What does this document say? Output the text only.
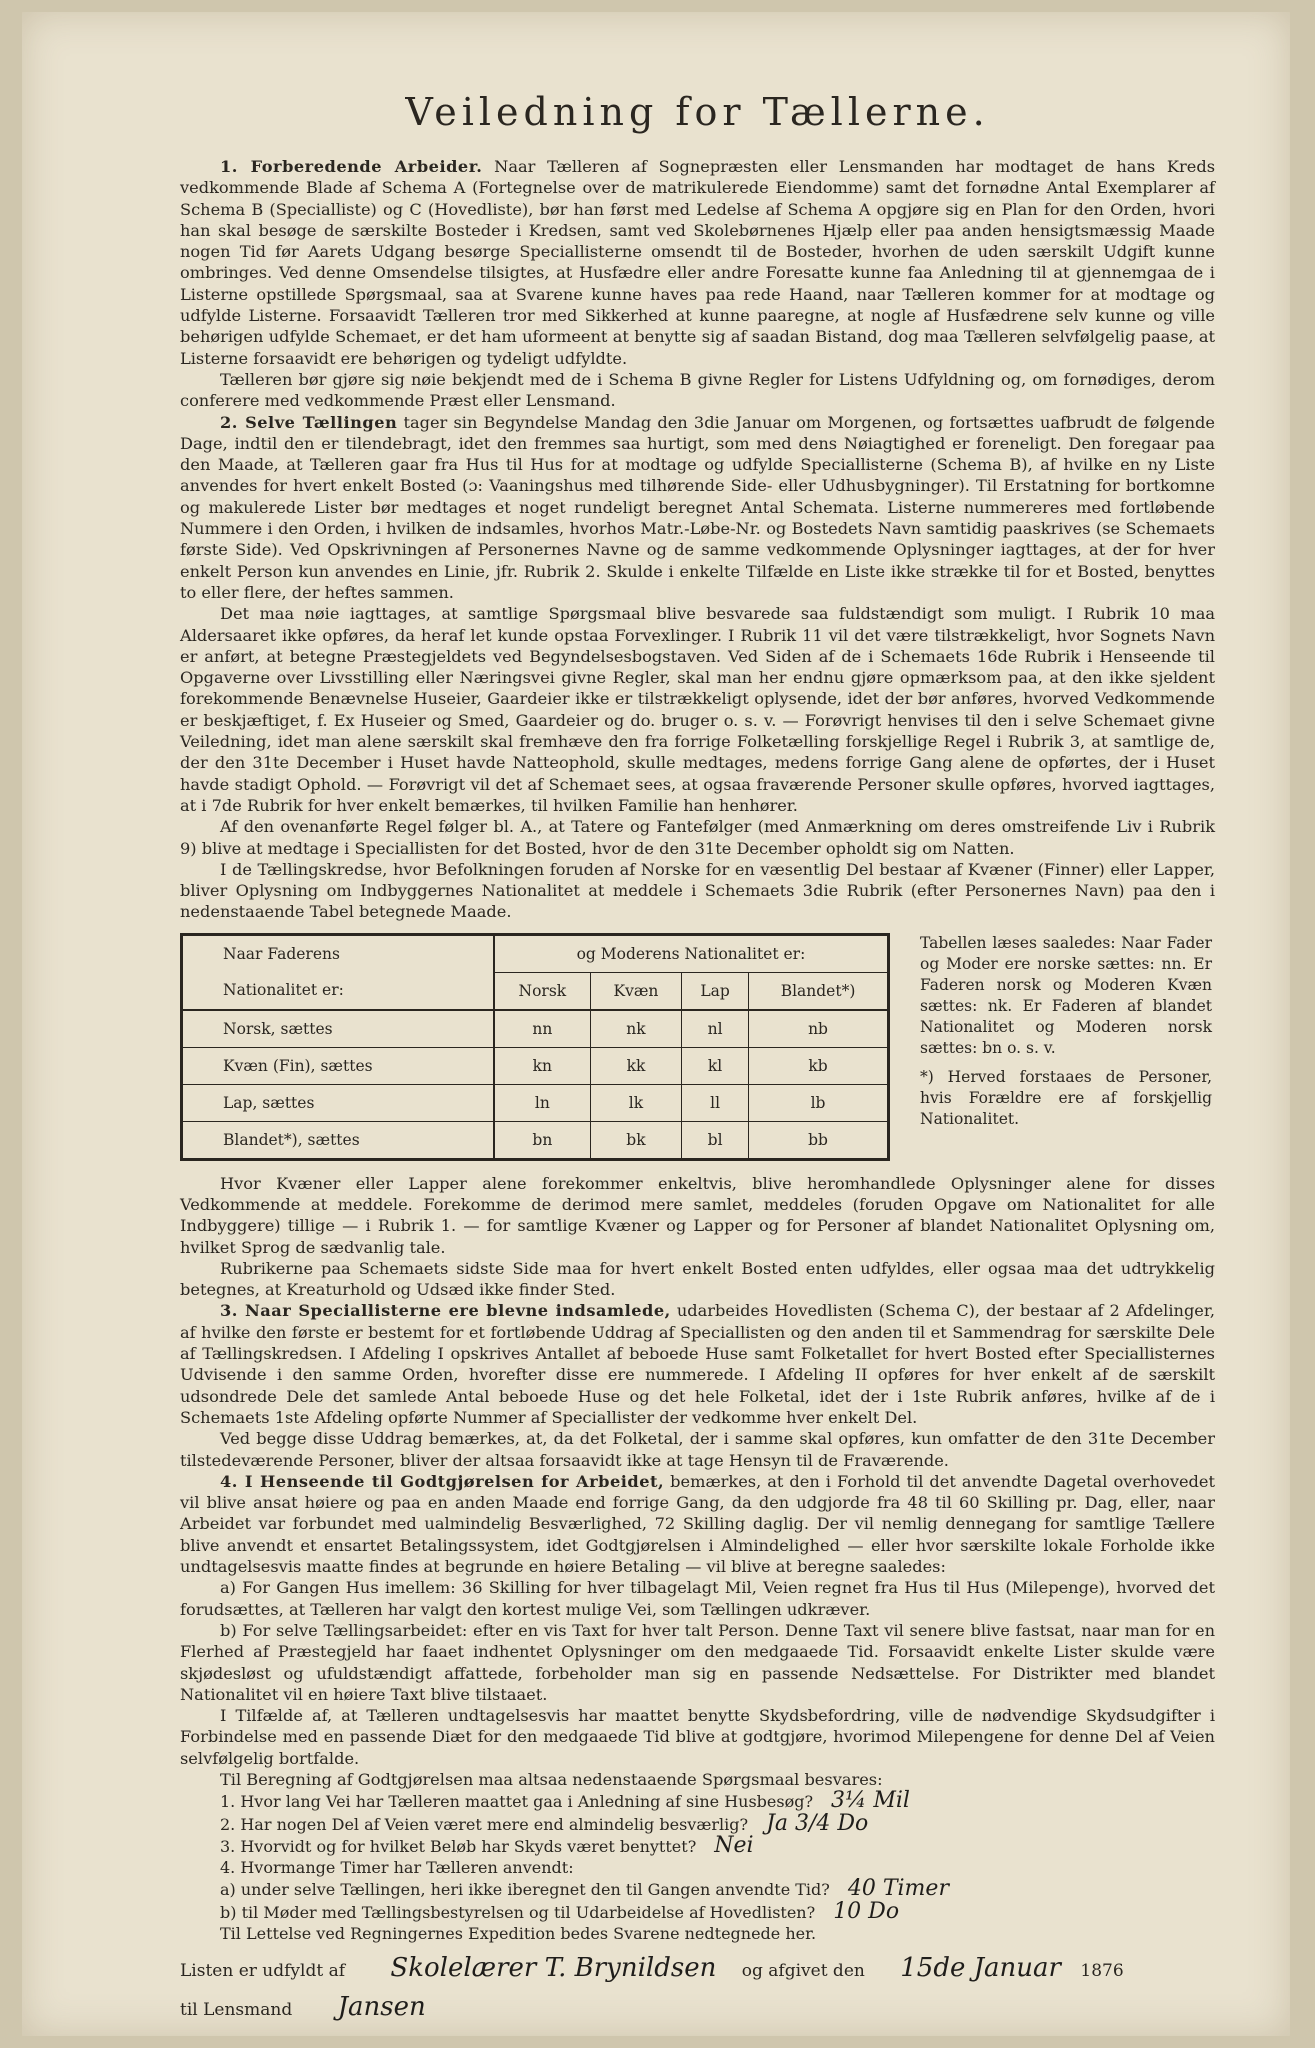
Veiledning for Tællerne.

1. Forberedende Arbeider. Naar Tælleren af Sognepræsten eller Lensmanden har modtaget de hans Kreds vedkommende Blade af Schema A (Fortegnelse over de matrikulerede Eiendomme) samt det fornødne Antal Exemplarer af Schema B (Specialliste) og C (Hovedliste), bør han først med Ledelse af Schema A opgjøre sig en Plan for den Orden, hvori han skal besøge de særskilte Bosteder i Kredsen, samt ved Skolebørnenes Hjælp eller paa anden hensigtsmæssig Maade nogen Tid før Aarets Udgang besørge Speciallisterne omsendt til de Bosteder, hvorhen de uden særskilt Udgift kunne ombringes. Ved denne Omsendelse tilsigtes, at Husfædre eller andre Foresatte kunne faa Anledning til at gjennemgaa de i Listerne opstillede Spørgsmaal, saa at Svarene kunne haves paa rede Haand, naar Tælleren kommer for at modtage og udfylde Listerne. Forsaavidt Tælleren tror med Sikkerhed at kunne paaregne, at nogle af Husfædrene selv kunne og ville behørigen udfylde Schemaet, er det ham uformeent at benytte sig af saadan Bistand, dog maa Tælleren selvfølgelig paase, at Listerne forsaavidt ere behørigen og tydeligt udfyldte.

Tælleren bør gjøre sig nøie bekjendt med de i Schema B givne Regler for Listens Udfyldning og, om fornødiges, derom conferere med vedkommende Præst eller Lensmand.

2. Selve Tællingen tager sin Begyndelse Mandag den 3die Januar om Morgenen, og fortsættes uafbrudt de følgende Dage, indtil den er tilendebragt, idet den fremmes saa hurtigt, som med dens Nøiagtighed er foreneligt. Den foregaar paa den Maade, at Tælleren gaar fra Hus til Hus for at modtage og udfylde Speciallisterne (Schema B), af hvilke en ny Liste anvendes for hvert enkelt Bosted (ɔ: Vaaningshus med tilhørende Side- eller Udhusbygninger). Til Erstatning for bortkomne og makulerede Lister bør medtages et noget rundeligt beregnet Antal Schemata. Listerne nummereres med fortløbende Nummere i den Orden, i hvilken de indsamles, hvorhos Matr.-Løbe-Nr. og Bostedets Navn samtidig paaskrives (se Schemaets første Side). Ved Opskrivningen af Personernes Navne og de samme vedkommende Oplysninger iagttages, at der for hver enkelt Person kun anvendes en Linie, jfr. Rubrik 2. Skulde i enkelte Tilfælde en Liste ikke strække til for et Bosted, benyttes to eller flere, der heftes sammen.

Det maa nøie iagttages, at samtlige Spørgsmaal blive besvarede saa fuldstændigt som muligt. I Rubrik 10 maa Aldersaaret ikke opføres, da heraf let kunde opstaa Forvexlinger. I Rubrik 11 vil det være tilstrækkeligt, hvor Sognets Navn er anført, at betegne Præstegjeldets ved Begyndelsesbogstaven. Ved Siden af de i Schemaets 16de Rubrik i Henseende til Opgaverne over Livsstilling eller Næringsvei givne Regler, skal man her endnu gjøre opmærksom paa, at den ikke sjeldent forekommende Benævnelse Huseier, Gaardeier ikke er tilstrækkeligt oplysende, idet der bør anføres, hvorved Vedkommende er beskjæftiget, f. Ex Huseier og Smed, Gaardeier og do. bruger o. s. v. — Forøvrigt henvises til den i selve Schemaet givne Veiledning, idet man alene særskilt skal fremhæve den fra forrige Folketælling forskjellige Regel i Rubrik 3, at samtlige de, der den 31te December i Huset havde Natteophold, skulle medtages, medens forrige Gang alene de opførtes, der i Huset havde stadigt Ophold. — Forøvrigt vil det af Schemaet sees, at ogsaa fraværende Personer skulle opføres, hvorved iagttages, at i 7de Rubrik for hver enkelt bemærkes, til hvilken Familie han henhører.

Af den ovenanførte Regel følger bl. A., at Tatere og Fantefølger (med Anmærkning om deres omstreifende Liv i Rubrik 9) blive at medtage i Speciallisten for det Bosted, hvor de den 31te December opholdt sig om Natten.

I de Tællingskredse, hvor Befolkningen foruden af Norske for en væsentlig Del bestaar af Kvæner (Finner) eller Lapper, bliver Oplysning om Indbyggernes Nationalitet at meddele i Schemaets 3die Rubrik (efter Personernes Navn) paa den i nedenstaaende Tabel betegnede Maade.

Naar Faderens	og Moderens Nationalitet er:			
Nationalitet er:	Norsk	Kvæn	Lap	Blandet*)
Norsk, sættes	nn	nk	nl	nb
Kvæn (Fin), sættes	kn	kk	kl	kb
Lap, sættes	ln	lk	ll	lb
Blandet*), sættes	bn	bk	bl	bb

Tabellen læses saaledes: Naar Fader og Moder ere norske sættes: nn. Er Faderen norsk og Moderen Kvæn sættes: nk. Er Faderen af blandet Nationalitet og Moderen norsk sættes: bn o. s. v.

*) Herved forstaaes de Personer, hvis Forældre ere af forskjellig Nationalitet.

Hvor Kvæner eller Lapper alene forekommer enkeltvis, blive heromhandlede Oplysninger alene for disses Vedkommende at meddele. Forekomme de derimod mere samlet, meddeles (foruden Opgave om Nationalitet for alle Indbyggere) tillige — i Rubrik 1. — for samtlige Kvæner og Lapper og for Personer af blandet Nationalitet Oplysning om, hvilket Sprog de sædvanlig tale.

Rubrikerne paa Schemaets sidste Side maa for hvert enkelt Bosted enten udfyldes, eller ogsaa maa det udtrykkelig betegnes, at Kreaturhold og Udsæd ikke finder Sted.

3. Naar Speciallisterne ere blevne indsamlede, udarbeides Hovedlisten (Schema C), der bestaar af 2 Afdelinger, af hvilke den første er bestemt for et fortløbende Uddrag af Speciallisten og den anden til et Sammendrag for særskilte Dele af Tællingskredsen. I Afdeling I opskrives Antallet af beboede Huse samt Folketallet for hvert Bosted efter Speciallisternes Udvisende i den samme Orden, hvorefter disse ere nummerede. I Afdeling II opføres for hver enkelt af de særskilt udsondrede Dele det samlede Antal beboede Huse og det hele Folketal, idet der i 1ste Rubrik anføres, hvilke af de i Schemaets 1ste Afdeling opførte Nummer af Speciallister der vedkomme hver enkelt Del.

Ved begge disse Uddrag bemærkes, at, da det Folketal, der i samme skal opføres, kun omfatter de den 31te December tilstedeværende Personer, bliver der altsaa forsaavidt ikke at tage Hensyn til de Fraværende.

4. I Henseende til Godtgjørelsen for Arbeidet, bemærkes, at den i Forhold til det anvendte Dagetal overhovedet vil blive ansat høiere og paa en anden Maade end forrige Gang, da den udgjorde fra 48 til 60 Skilling pr. Dag, eller, naar Arbeidet var forbundet med ualmindelig Besværlighed, 72 Skilling daglig. Der vil nemlig dennegang for samtlige Tællere blive anvendt et ensartet Betalingssystem, idet Godtgjørelsen i Almindelighed — eller hvor særskilte lokale Forholde ikke undtagelsesvis maatte findes at begrunde en høiere Betaling — vil blive at beregne saaledes:

a) For Gangen Hus imellem: 36 Skilling for hver tilbagelagt Mil, Veien regnet fra Hus til Hus (Milepenge), hvorved det forudsættes, at Tælleren har valgt den kortest mulige Vei, som Tællingen udkræver.

b) For selve Tællingsarbeidet: efter en vis Taxt for hver talt Person. Denne Taxt vil senere blive fastsat, naar man for en Flerhed af Præstegjeld har faaet indhentet Oplysninger om den medgaaede Tid. Forsaavidt enkelte Lister skulde være skjødesløst og ufuldstændigt affattede, forbeholder man sig en passende Nedsættelse. For Distrikter med blandet Nationalitet vil en høiere Taxt blive tilstaaet.

I Tilfælde af, at Tælleren undtagelsesvis har maattet benytte Skydsbefordring, ville de nødvendige Skydsudgifter i Forbindelse med en passende Diæt for den medgaaede Tid blive at godtgjøre, hvorimod Milepengene for denne Del af Veien selvfølgelig bortfalde.

Til Beregning af Godtgjørelsen maa altsaa nedenstaaende Spørgsmaal besvares:

1. Hvor lang Vei har Tælleren maattet gaa i Anledning af sine Husbesøg? 3¼ Mil
2. Har nogen Del af Veien været mere end almindelig besværlig? Ja 3/4 Do
3. Hvorvidt og for hvilket Beløb har Skyds været benyttet? Nei
4. Hvormange Timer har Tælleren anvendt:
a) under selve Tællingen, heri ikke iberegnet den til Gangen anvendte Tid? 40 Timer
b) til Møder med Tællingsbestyrelsen og til Udarbeidelse af Hovedlisten? 10 Do
Til Lettelse ved Regningernes Expedition bedes Svarene nedtegnede her.
Listen er udfyldt af Skolelærer T. Brynildsen og afgivet den 15de Januar 1876
til Lensmand Jansen
